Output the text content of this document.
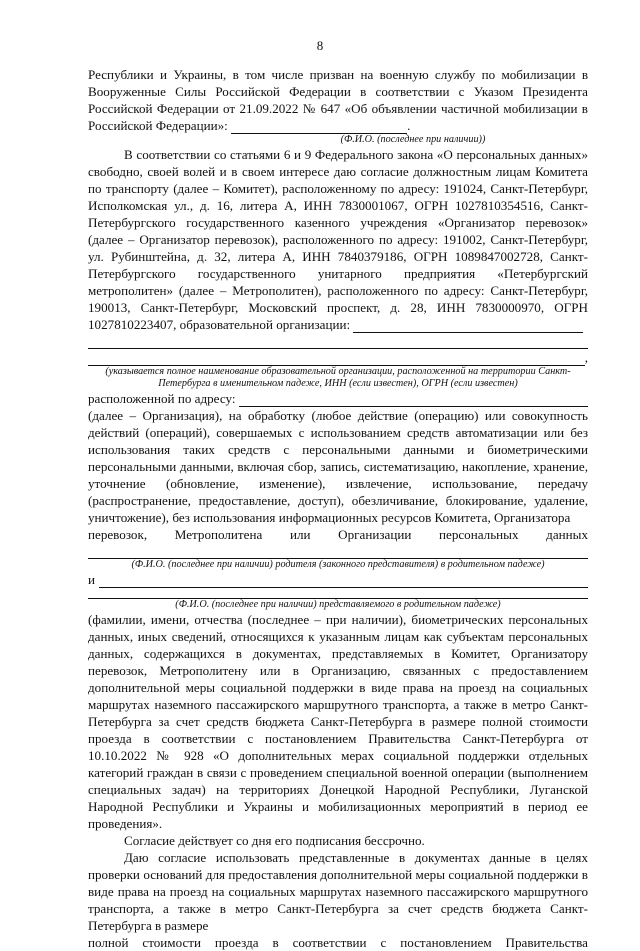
8

Республики и Украины, в том числе призван на военную службу по мобилизации в Вооруженные Силы Российской Федерации в соответствии с Указом Президента Российской Федерации от 21.09.2022 № 647 «Об объявлении частичной мобилизации в Российской Федерации»:	.

(Ф.И.О. (последнее при наличии))

В соответствии со статьями 6 и 9 Федерального закона «О персональных данных» свободно, своей волей и в своем интересе даю согласие должностным лицам Комитета по транспорту (далее – Комитет), расположенному по адресу: 191024, Санкт-Петербург, Исполкомская ул., д. 16, литера А, ИНН 7830001067, ОГРН 1027810354516, Санкт-Петербургского государственного казенного учреждения «Организатор перевозок» (далее – Организатор перевозок), расположенного по адресу: 191002, Санкт-Петербург, ул. Рубинштейна, д. 32, литера А, ИНН 7840379186, ОГРН 1089847002728, Санкт-Петербургского государственного унитарного предприятия «Петербургский метрополитен» (далее – Метрополитен), расположенного по адресу: Санкт-Петербург, 190013, Санкт-Петербург, Московский проспект, д. 28, ИНН 7830000970, ОГРН 1027810223407, образовательной организации:

,
(указывается полное наименование образовательной организации, расположенной на территории Санкт-Петербурга в именительном падеже, ИНН (если известен), ОГРН (если известен)
расположенной по адресу:

(далее – Организация), на обработку (любое действие (операцию) или совокупность действий (операций), совершаемых с использованием средств автоматизации или без использования таких средств с персональными данными и биометрическими персональными данными, включая сбор, запись, систематизацию, накопление, хранение, уточнение (обновление, изменение), извлечение, использование, передачу (распространение, предоставление, доступ), обезличивание, блокирование, удаление, уничтожение), без использования информационных ресурсов Комитета, Организатора

перевозок, Метрополитена или Организации персональных данных
(Ф.И.О. (последнее при наличии) родителя (законного представителя) в родительном падеже)
и
(Ф.И.О. (последнее при наличии) представляемого в родительном падеже)

(фамилии, имени, отчества (последнее – при наличии), биометрических персональных данных, иных сведений, относящихся к указанным лицам как субъектам персональных данных, содержащихся в документах, представляемых в Комитет, Организатору перевозок, Метрополитену или в Организацию, связанных с предоставлением дополнительной меры социальной поддержки в виде права на проезд на социальных маршрутах наземного пассажирского маршрутного транспорта, а также в метро Санкт-Петербурга за счет средств бюджета Санкт-Петербурга в размере полной стоимости проезда в соответствии с постановлением Правительства Санкт-Петербурга от 10.10.2022 № 928 «О дополнительных мерах социальной поддержки отдельных категорий граждан в связи с проведением специальной военной операции (выполнением специальных задач) на территориях Донецкой Народной Республики, Луганской Народной Республики и Украины и мобилизационных мероприятий в период ее проведения».

Согласие действует со дня его подписания бессрочно.

Даю согласие использовать представленные в документах данные в целях проверки оснований для предоставления дополнительной меры социальной поддержки в виде права на проезд на социальных маршрутах наземного пассажирского маршрутного транспорта, а также в метро Санкт-Петербурга за счет средств бюджета Санкт-Петербурга в размере

полной стоимости проезда в соответствии с постановлением Правительства
